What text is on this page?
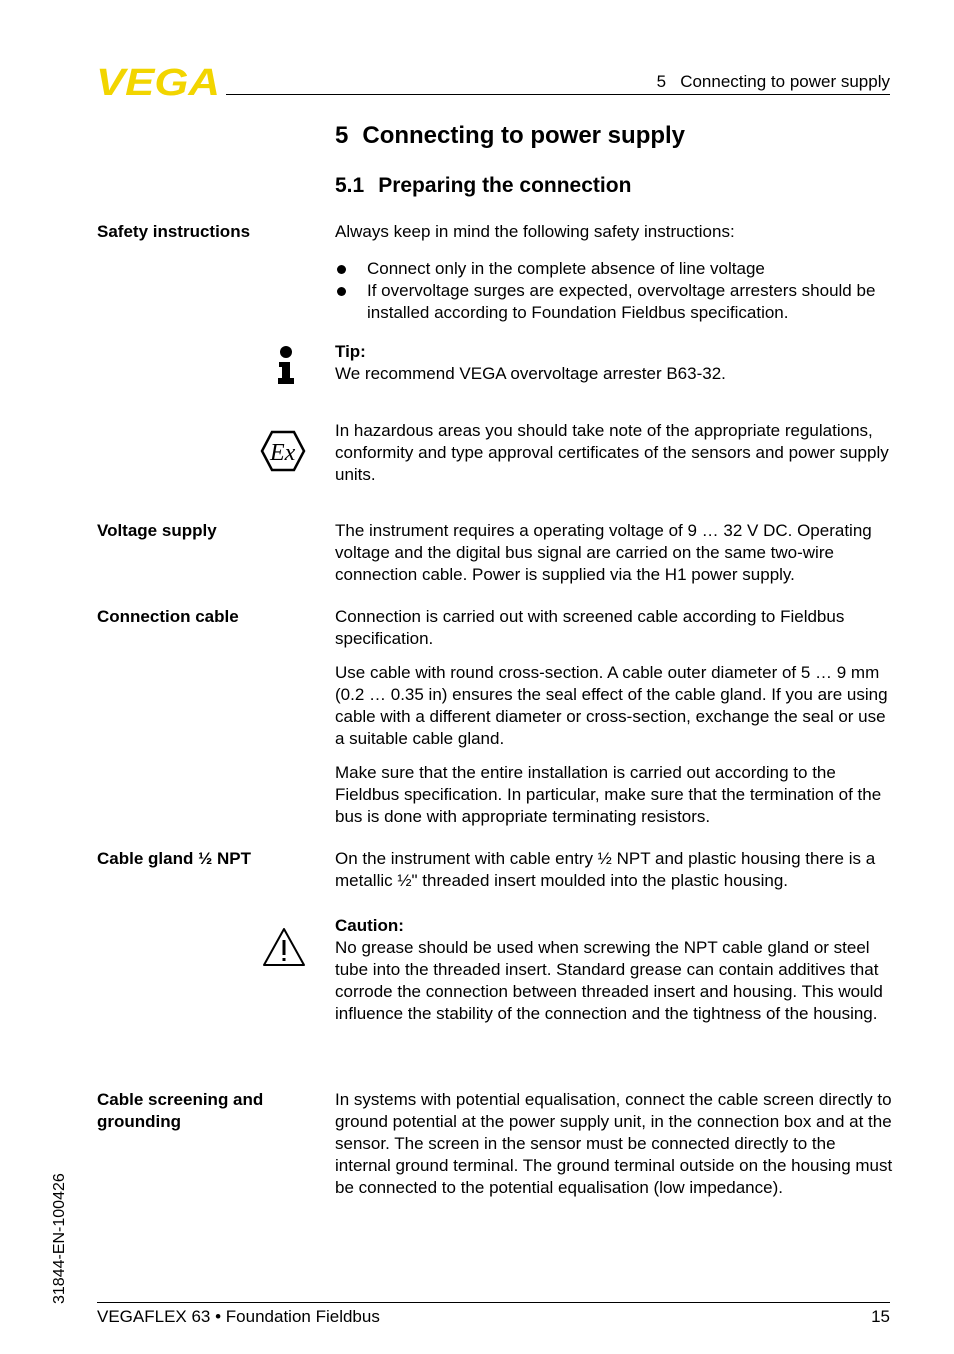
VEGA	5   Connecting to power supply
5 Connecting to power supply
5.1 Preparing the connection
Safety instructions	Always keep in mind the following safety instructions:
Connect only in the complete absence of line voltage
If overvoltage surges are expected, overvoltage arresters should be installed according to Foundation Fieldbus specification.

Tip:

We recommend VEGA overvoltage arrester B63-32.

Ex
In hazardous areas you should take note of the appropriate regulations, conformity and type approval certificates of the sensors and power supply units.
Voltage supply	The instrument requires a operating voltage of 9 … 32 V DC. Operating voltage and the digital bus signal are carried on the same two-wire connection cable. Power is supplied via the H1 power supply.
Connection cable	Connection is carried out with screened cable according to Fieldbus specification.
Use cable with round cross-section. A cable outer diameter of 5 … 9 mm (0.2 … 0.35 in) ensures the seal effect of the cable gland. If you are using cable with a different diameter or cross-section, exchange the seal or use a suitable cable gland.
Make sure that the entire installation is carried out according to the Fieldbus specification. In particular, make sure that the termination of the bus is done with appropriate terminating resistors.
Cable gland ½ NPT	On the instrument with cable entry ½ NPT and plastic housing there is a metallic ½" threaded insert moulded into the plastic housing.

Caution:

No grease should be used when screwing the NPT cable gland or steel tube into the threaded insert. Standard grease can contain additives that corrode the connection between threaded insert and housing. This would influence the stability of the connection and the tightness of the housing.

Cable screening and grounding
In systems with potential equalisation, connect the cable screen directly to ground potential at the power supply unit, in the connection box and at the sensor. The screen in the sensor must be connected directly to the internal ground terminal. The ground terminal outside on the housing must be connected to the potential equalisation (low impedance).
31844-EN-100426
VEGAFLEX 63 • Foundation Fieldbus	15
